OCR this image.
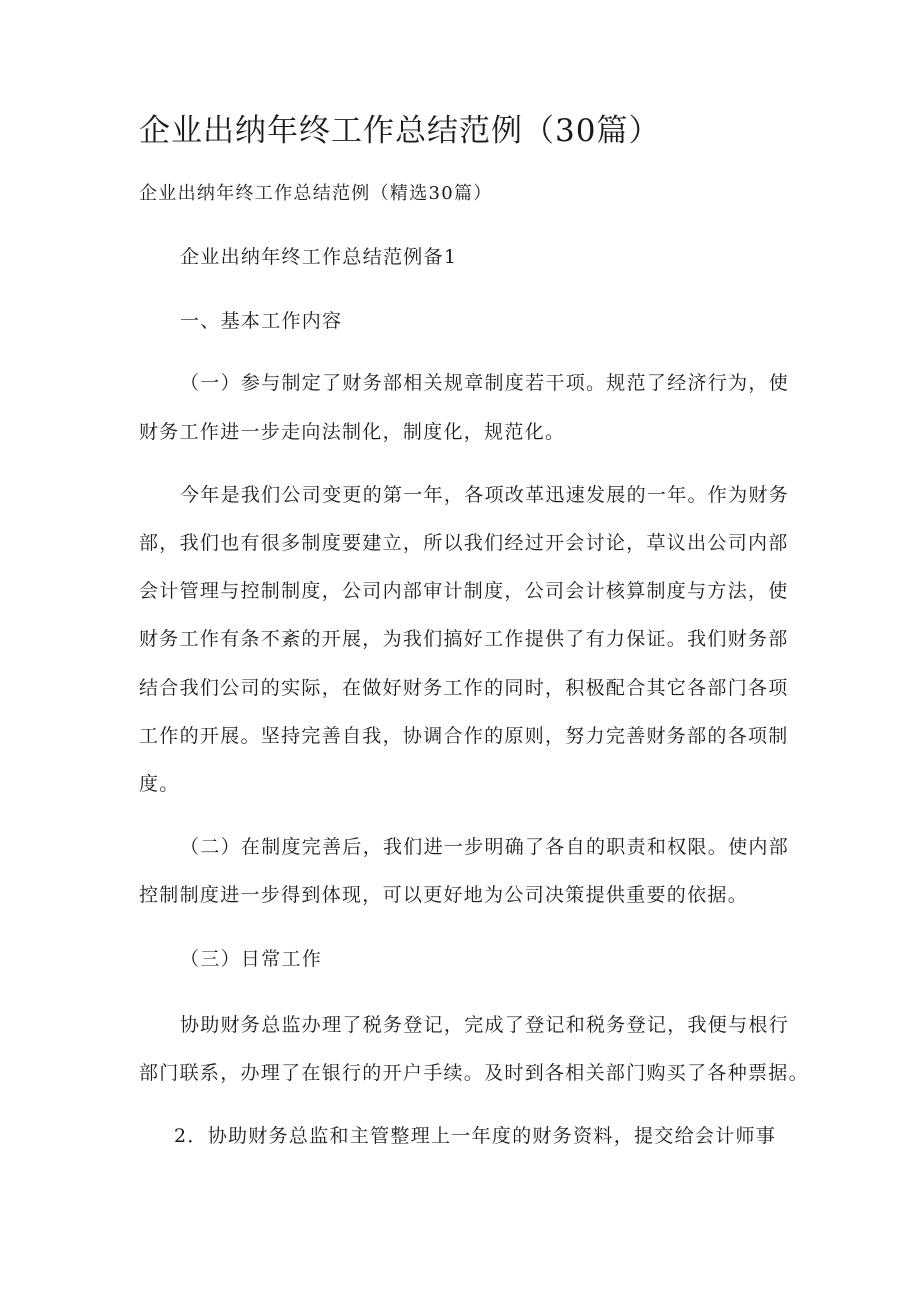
企业出纳年终工作总结范例（30篇）

企业出纳年终工作总结范例（精选30篇）

企业出纳年终工作总结范例备1

一、基本工作内容

（一）参与制定了财务部相关规章制度若干项。规范了经济行为，使

财务工作进一步走向法制化，制度化，规范化。

今年是我们公司变更的第一年，各项改革迅速发展的一年。作为财务

部，我们也有很多制度要建立，所以我们经过开会讨论，草议出公司内部

会计管理与控制制度，公司内部审计制度，公司会计核算制度与方法，使

财务工作有条不紊的开展，为我们搞好工作提供了有力保证。我们财务部

结合我们公司的实际，在做好财务工作的同时，积极配合其它各部门各项

工作的开展。坚持完善自我，协调合作的原则，努力完善财务部的各项制

度。

（二）在制度完善后，我们进一步明确了各自的职责和权限。使内部

控制制度进一步得到体现，可以更好地为公司决策提供重要的依据。

（三）日常工作

协助财务总监办理了税务登记，完成了登记和税务登记，我便与根行

部门联系，办理了在银行的开户手续。及时到各相关部门购买了各种票据。

2．协助财务总监和主管整理上一年度的财务资料，提交给会计师事
